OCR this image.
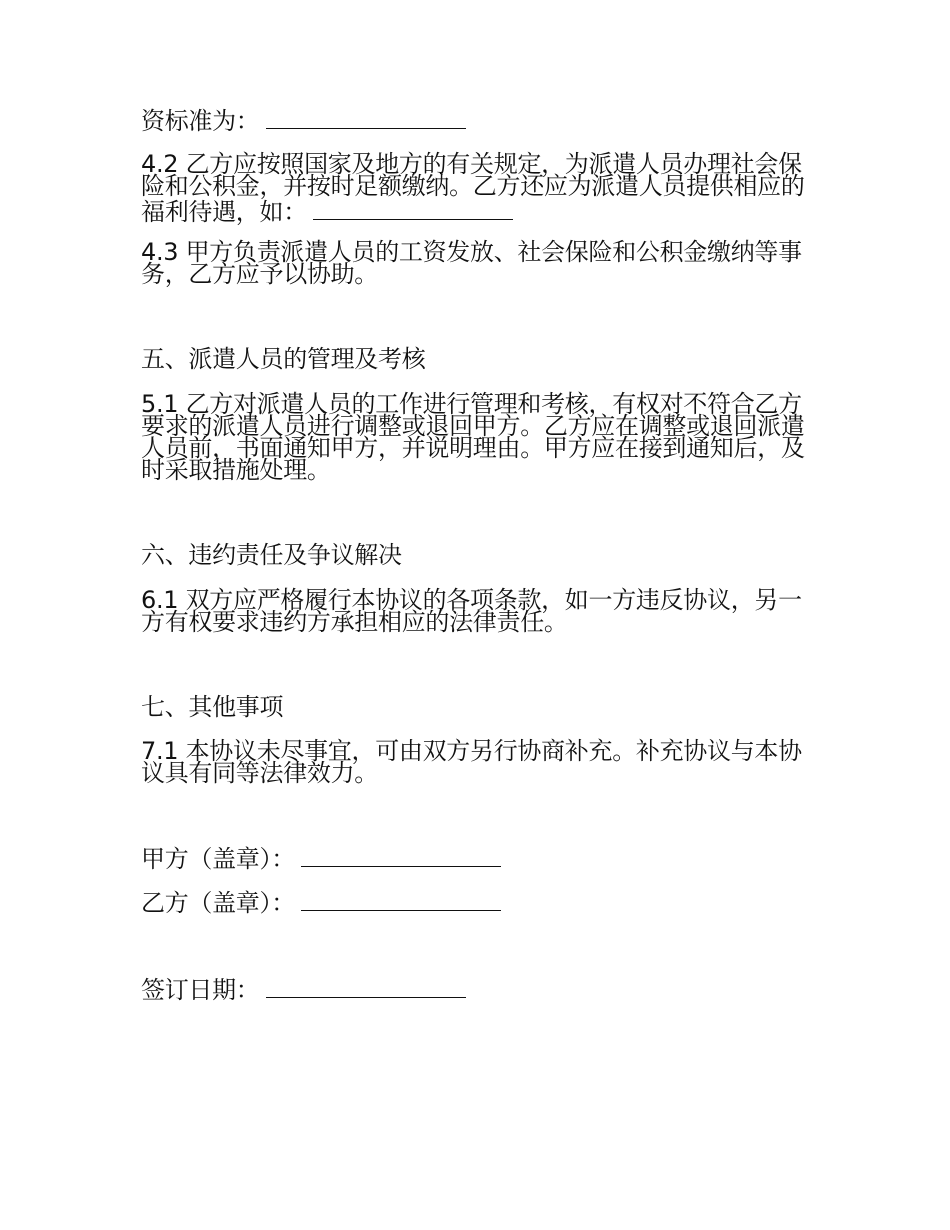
资标准为：

4.2 乙方应按照国家及地方的有关规定，为派遣人员办理社会保险和公积金，并按时足额缴纳。乙方还应为派遣人员提供相应的福利待遇，如：

4.3 甲方负责派遣人员的工资发放、社会保险和公积金缴纳等事务，乙方应予以协助。

五、派遣人员的管理及考核

5.1 乙方对派遣人员的工作进行管理和考核，有权对不符合乙方要求的派遣人员进行调整或退回甲方。乙方应在调整或退回派遣人员前，书面通知甲方，并说明理由。甲方应在接到通知后，及时采取措施处理。

六、违约责任及争议解决

6.1 双方应严格履行本协议的各项条款，如一方违反协议，另一方有权要求违约方承担相应的法律责任。

七、其他事项

7.1 本协议未尽事宜，可由双方另行协商补充。补充协议与本协议具有同等法律效力。

甲方（盖章）：

乙方（盖章）：

签订日期：
